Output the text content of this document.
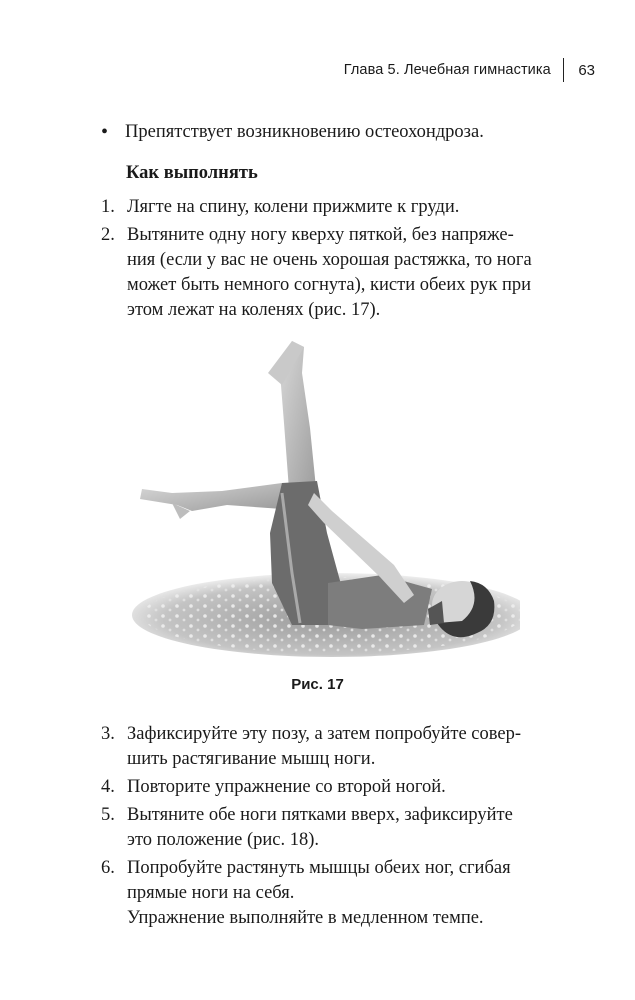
Глава 5. Лечебная гимнастика 63
• Препятствует возникновению остеохондроза.
Как выполнять
1. Лягте на спину, колени прижмите к груди.
2. Вытяните одну ногу кверху пяткой, без напряже-
ния (если у вас не очень хорошая растяжка, то нога
может быть немного согнута), кисти обеих рук при
этом лежат на коленях (рис. 17).
Рис. 17
3. Зафиксируйте эту позу, а затем попробуйте совер-
шить растягивание мышц ноги.
4. Повторите упражнение со второй ногой.
5. Вытяните обе ноги пятками вверх, зафиксируйте
это положение (рис. 18).
6. Попробуйте растянуть мышцы обеих ног, сгибая
прямые ноги на себя.
Упражнение выполняйте в медленном темпе.
